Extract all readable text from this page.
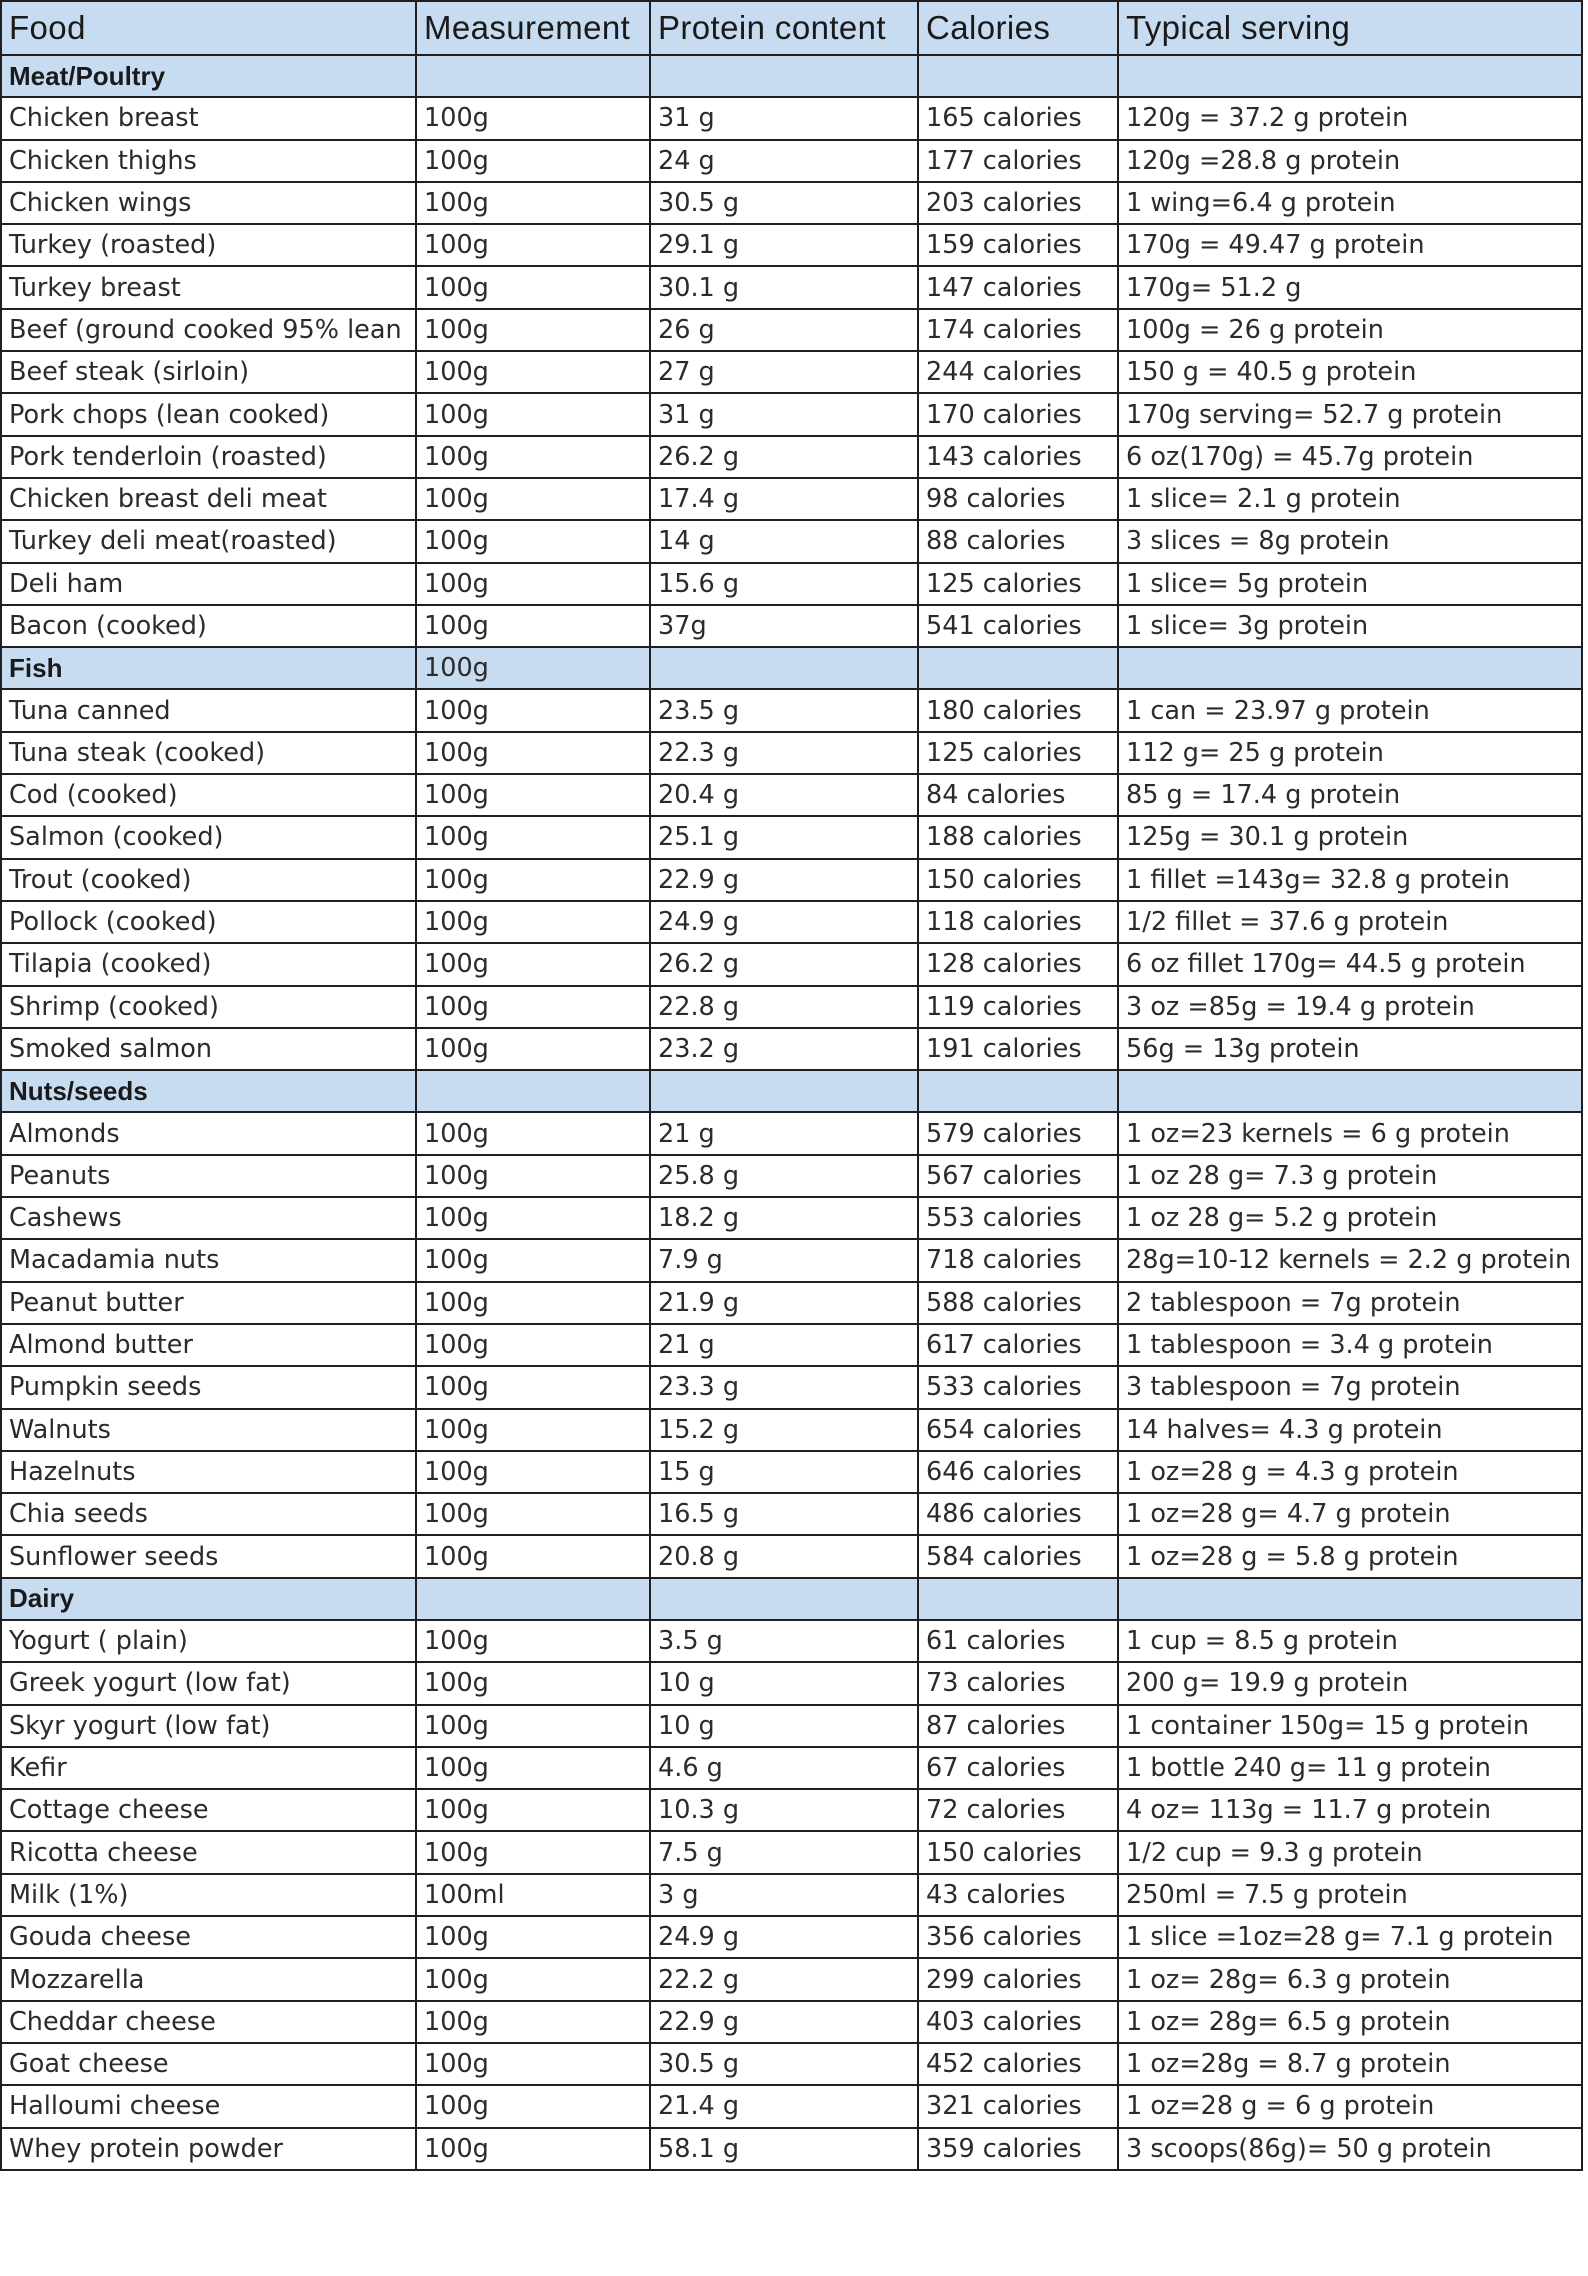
Food	Measurement	Protein content	Calories	Typical serving
Meat/Poultry				
Chicken breast	100g	31 g	165 calories	120g = 37.2 g protein
Chicken thighs	100g	24 g	177 calories	120g =28.8 g protein
Chicken wings	100g	30.5 g	203 calories	1 wing=6.4 g protein
Turkey (roasted)	100g	29.1 g	159 calories	170g = 49.47 g protein
Turkey breast	100g	30.1 g	147 calories	170g= 51.2 g
Beef (ground cooked 95% lean	100g	26 g	174 calories	100g = 26 g protein
Beef steak (sirloin)	100g	27 g	244 calories	150 g = 40.5 g protein
Pork chops (lean cooked)	100g	31 g	170 calories	170g serving= 52.7 g protein
Pork tenderloin (roasted)	100g	26.2 g	143 calories	6 oz(170g) = 45.7g protein
Chicken breast deli meat	100g	17.4 g	98 calories	1 slice= 2.1 g protein
Turkey deli meat(roasted)	100g	14 g	88 calories	3 slices = 8g protein
Deli ham	100g	15.6 g	125 calories	1 slice= 5g protein
Bacon (cooked)	100g	37g	541 calories	1 slice= 3g protein
Fish	100g			
Tuna canned	100g	23.5 g	180 calories	1 can = 23.97 g protein
Tuna steak (cooked)	100g	22.3 g	125 calories	112 g= 25 g protein
Cod (cooked)	100g	20.4 g	84 calories	85 g = 17.4 g protein
Salmon (cooked)	100g	25.1 g	188 calories	125g = 30.1 g protein
Trout (cooked)	100g	22.9 g	150 calories	1 fillet =143g= 32.8 g protein
Pollock (cooked)	100g	24.9 g	118 calories	1/2 fillet = 37.6 g protein
Tilapia (cooked)	100g	26.2 g	128 calories	6 oz fillet 170g= 44.5 g protein
Shrimp (cooked)	100g	22.8 g	119 calories	3 oz =85g = 19.4 g protein
Smoked salmon	100g	23.2 g	191 calories	56g = 13g protein
Nuts/seeds				
Almonds	100g	21 g	579 calories	1 oz=23 kernels = 6 g protein
Peanuts	100g	25.8 g	567 calories	1 oz 28 g= 7.3 g protein
Cashews	100g	18.2 g	553 calories	1 oz 28 g= 5.2 g protein
Macadamia nuts	100g	7.9 g	718 calories	28g=10-12 kernels = 2.2 g protein
Peanut butter	100g	21.9 g	588 calories	2 tablespoon = 7g protein
Almond butter	100g	21 g	617 calories	1 tablespoon = 3.4 g protein
Pumpkin seeds	100g	23.3 g	533 calories	3 tablespoon = 7g protein
Walnuts	100g	15.2 g	654 calories	14 halves= 4.3 g protein
Hazelnuts	100g	15 g	646 calories	1 oz=28 g = 4.3 g protein
Chia seeds	100g	16.5 g	486 calories	1 oz=28 g= 4.7 g protein
Sunflower seeds	100g	20.8 g	584 calories	1 oz=28 g = 5.8 g protein
Dairy				
Yogurt ( plain)	100g	3.5 g	61 calories	1 cup = 8.5 g protein
Greek yogurt (low fat)	100g	10 g	73 calories	200 g= 19.9 g protein
Skyr yogurt (low fat)	100g	10 g	87 calories	1 container 150g= 15 g protein
Kefir	100g	4.6 g	67 calories	1 bottle 240 g= 11 g protein
Cottage cheese	100g	10.3 g	72 calories	4 oz= 113g = 11.7 g protein
Ricotta cheese	100g	7.5 g	150 calories	1/2 cup = 9.3 g protein
Milk (1%)	100ml	3 g	43 calories	250ml = 7.5 g protein
Gouda cheese	100g	24.9 g	356 calories	1 slice =1oz=28 g= 7.1 g protein
Mozzarella	100g	22.2 g	299 calories	1 oz= 28g= 6.3 g protein
Cheddar cheese	100g	22.9 g	403 calories	1 oz= 28g= 6.5 g protein
Goat cheese	100g	30.5 g	452 calories	1 oz=28g = 8.7 g protein
Halloumi cheese	100g	21.4 g	321 calories	1 oz=28 g = 6 g protein
Whey protein powder	100g	58.1 g	359 calories	3 scoops(86g)= 50 g protein
